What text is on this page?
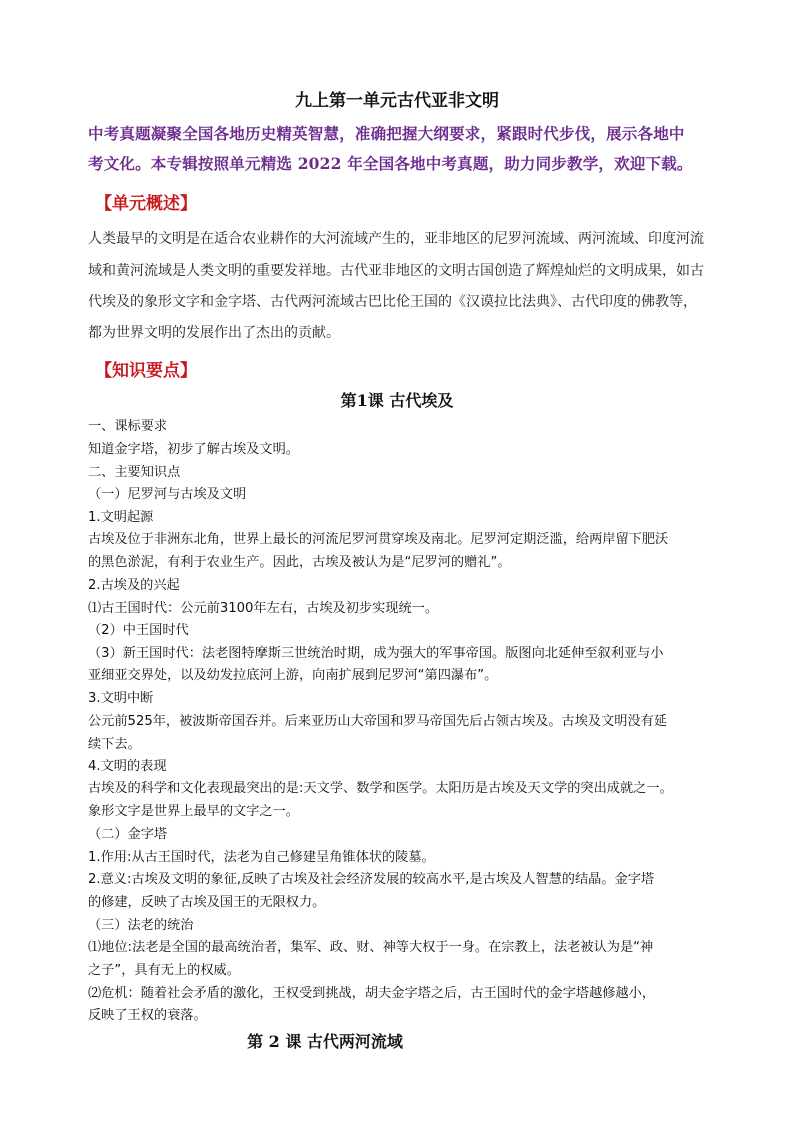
九上第一单元古代亚非文明
中考真题凝聚全国各地历史精英智慧，准确把握大纲要求，紧跟时代步伐，展示各地中
考文化。本专辑按照单元精选 2022 年全国各地中考真题，助力同步教学，欢迎下载。
【单元概述】
人类最早的文明是在适合农业耕作的大河流域产生的，亚非地区的尼罗河流域、两河流域、印度河流
域和黄河流域是人类文明的重要发祥地。古代亚非地区的文明古国创造了辉煌灿烂的文明成果，如古
代埃及的象形文字和金字塔、古代两河流域古巴比伦王国的《汉谟拉比法典》、古代印度的佛教等，
都为世界文明的发展作出了杰出的贡献。
【知识要点】
第1课 古代埃及
一、课标要求
知道金字塔，初步了解古埃及文明。
二、主要知识点
（一）尼罗河与古埃及文明
1.文明起源
古埃及位于非洲东北角，世界上最长的河流尼罗河贯穿埃及南北。尼罗河定期泛滥，给两岸留下肥沃
的黑色淤泥，有利于农业生产。因此，古埃及被认为是“尼罗河的赠礼”。
2.古埃及的兴起
⑴古王国时代：公元前3100年左右，古埃及初步实现统一。
（2）中王国时代
（3）新王国时代：法老图特摩斯三世统治时期，成为强大的军事帝国。版图向北延伸至叙利亚与小
亚细亚交界处，以及幼发拉底河上游，向南扩展到尼罗河“第四瀑布”。
3.文明中断
公元前525年，被波斯帝国吞并。后来亚历山大帝国和罗马帝国先后占领古埃及。古埃及文明没有延
续下去。
4.文明的表现
古埃及的科学和文化表现最突出的是:天文学、数学和医学。太阳历是古埃及天文学的突出成就之一。
象形文字是世界上最早的文字之一。
（二）金字塔
1.作用:从古王国时代，法老为自己修建呈角锥体状的陵墓。
2.意义:古埃及文明的象征,反映了古埃及社会经济发展的较高水平,是古埃及人智慧的结晶。金字塔
的修建，反映了古埃及国王的无限权力。
（三）法老的统治
⑴地位:法老是全国的最高统治者，集军、政、财、神等大权于一身。在宗教上，法老被认为是“神
之子”，具有无上的权威。
⑵危机：随着社会矛盾的激化，王权受到挑战，胡夫金字塔之后，古王国时代的金字塔越修越小，
反映了王权的衰落。
第 2 课 古代两河流域
